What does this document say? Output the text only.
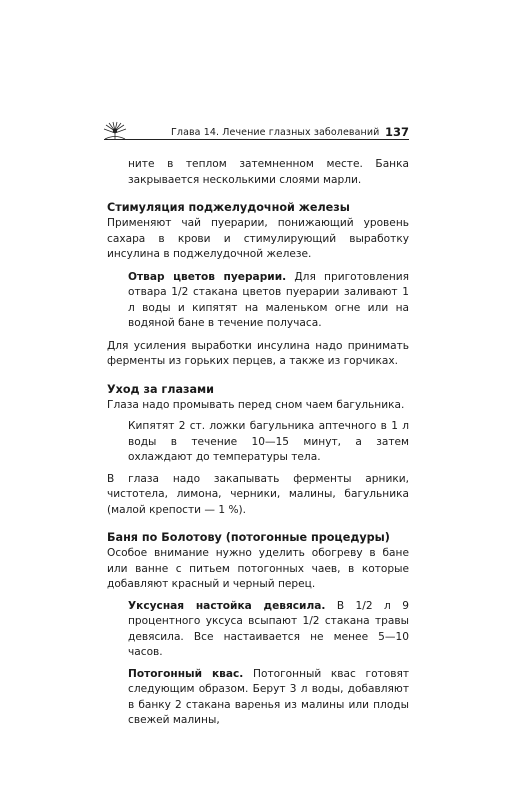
Глава 14. Лечение глазных заболеваний 137

ните в теплом затемненном месте. Банка закрывается несколькими слоями марли.

Стимуляция поджелудочной железы

Применяют чай пуерарии, понижающий уровень сахара в крови и стимулирующий выработку инсулина в поджелудочной железе.

Отвар цветов пуерарии. Для приготовления отвара 1/2 стакана цветов пуерарии заливают 1 л воды и кипятят на маленьком огне или на водяной бане в течение получаса.

Для усиления выработки инсулина надо принимать ферменты из горьких перцев, а также из горчиках.

Уход за глазами

Глаза надо промывать перед сном чаем багульника.

Кипятят 2 ст. ложки багульника аптечного в 1 л воды в течение 10—15 минут, а затем охлаждают до температуры тела.

В глаза надо закапывать ферменты арники, чистотела, лимона, черники, малины, багульника (малой крепости — 1 %).

Баня по Болотову (потогонные процедуры)

Особое внимание нужно уделить обогреву в бане или ванне с питьем потогонных чаев, в которые добавляют красный и черный перец.

Уксусная настойка девясила. В 1/2 л 9 процентного уксуса всыпают 1/2 стакана травы девясила. Все настаивается не менее 5—10 часов.

Потогонный квас. Потогонный квас готовят следующим образом. Берут 3 л воды, добавляют в банку 2 стакана варенья из малины или плоды свежей малины,
